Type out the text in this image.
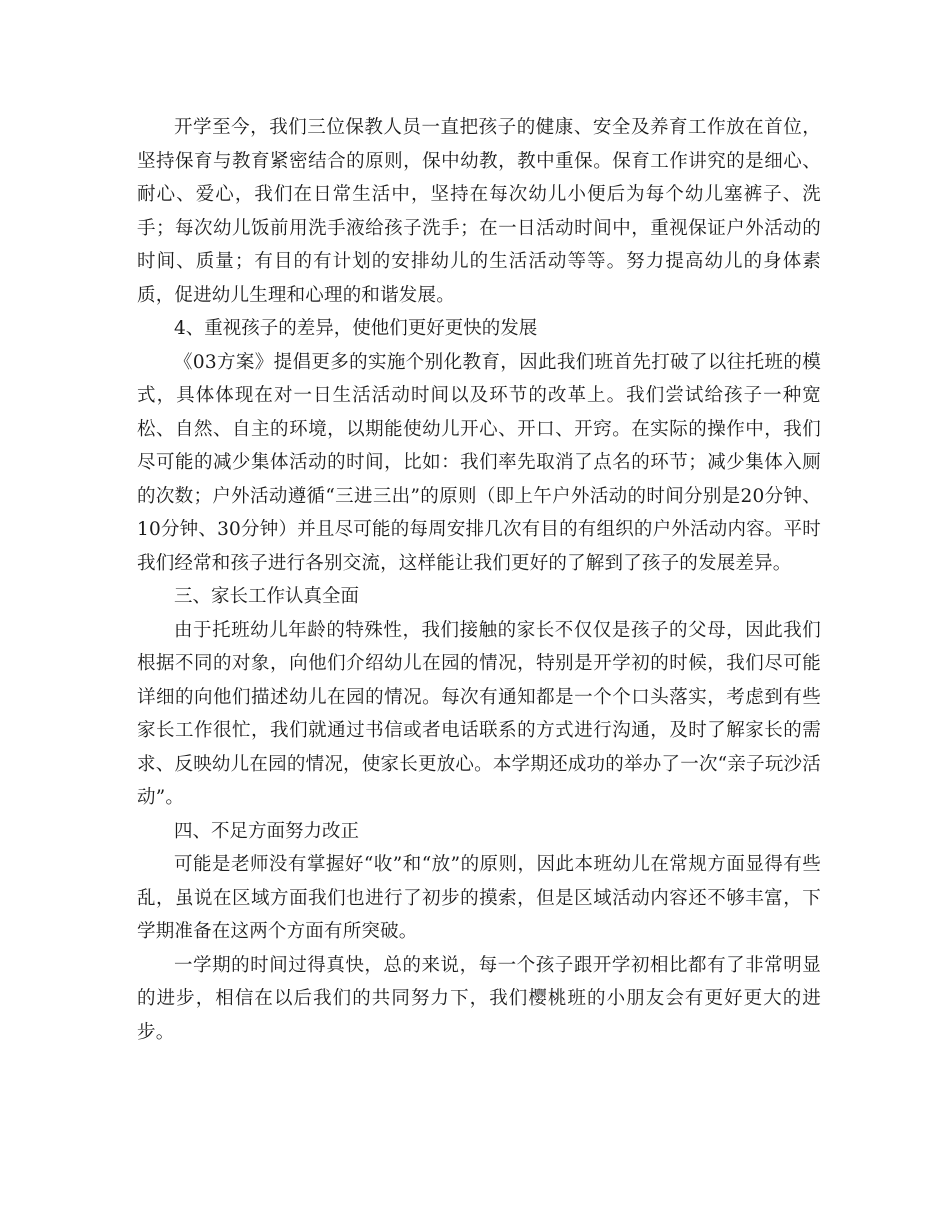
开学至今，我们三位保教人员一直把孩子的健康、安全及养育工作放在首位，坚持保育与教育紧密结合的原则，保中幼教，教中重保。保育工作讲究的是细心、耐心、爱心，我们在日常生活中，坚持在每次幼儿小便后为每个幼儿塞裤子、洗手；每次幼儿饭前用洗手液给孩子洗手；在一日活动时间中，重视保证户外活动的时间、质量；有目的有计划的安排幼儿的生活活动等等。努力提高幼儿的身体素质，促进幼儿生理和心理的和谐发展。

4、重视孩子的差异，使他们更好更快的发展

《03方案》提倡更多的实施个别化教育，因此我们班首先打破了以往托班的模式，具体体现在对一日生活活动时间以及环节的改革上。我们尝试给孩子一种宽松、自然、自主的环境，以期能使幼儿开心、开口、开窍。在实际的操作中，我们尽可能的减少集体活动的时间，比如：我们率先取消了点名的环节；减少集体入厕的次数；户外活动遵循“三进三出”的原则（即上午户外活动的时间分别是20分钟、10分钟、30分钟）并且尽可能的每周安排几次有目的有组织的户外活动内容。平时我们经常和孩子进行各别交流，这样能让我们更好的了解到了孩子的发展差异。

三、家长工作认真全面

由于托班幼儿年龄的特殊性，我们接触的家长不仅仅是孩子的父母，因此我们根据不同的对象，向他们介绍幼儿在园的情况，特别是开学初的时候，我们尽可能详细的向他们描述幼儿在园的情况。每次有通知都是一个个口头落实，考虑到有些家长工作很忙，我们就通过书信或者电话联系的方式进行沟通，及时了解家长的需求、反映幼儿在园的情况，使家长更放心。本学期还成功的举办了一次“亲子玩沙活动”。

四、不足方面努力改正

可能是老师没有掌握好“收”和“放”的原则，因此本班幼儿在常规方面显得有些乱，虽说在区域方面我们也进行了初步的摸索，但是区域活动内容还不够丰富，下学期准备在这两个方面有所突破。

一学期的时间过得真快，总的来说，每一个孩子跟开学初相比都有了非常明显的进步，相信在以后我们的共同努力下，我们樱桃班的小朋友会有更好更大的进步。
